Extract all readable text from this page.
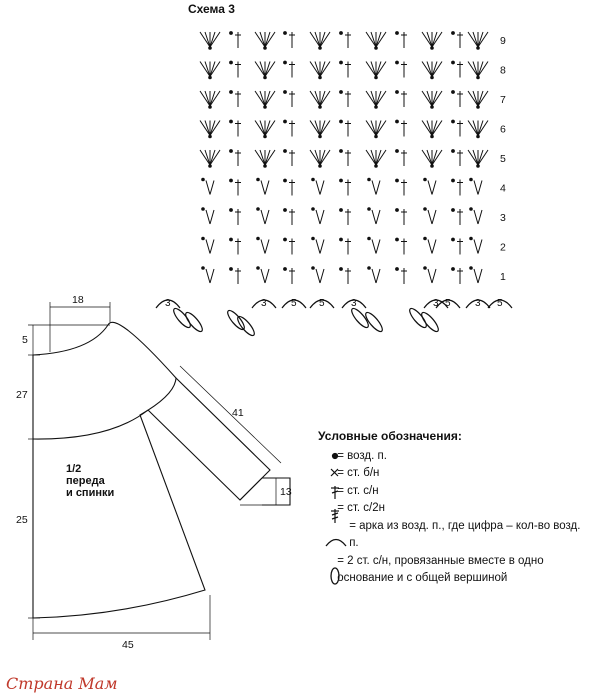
Схема 3
1
2
3
4
5
6
7
8
9
3	3 5 5	3	3 5 3 5
18
5
27
25
45
41
13
1/2
переда
и спинки
Условные обозначения:

= возд. п.

= ст. б/н

= ст. с/н

= ст. с/2н

= арка из возд. п., где цифра – кол-во возд. п.

= 2 ст. с/н, провязанные вместе в одно основание и с общей вершиной
Страна Мам
